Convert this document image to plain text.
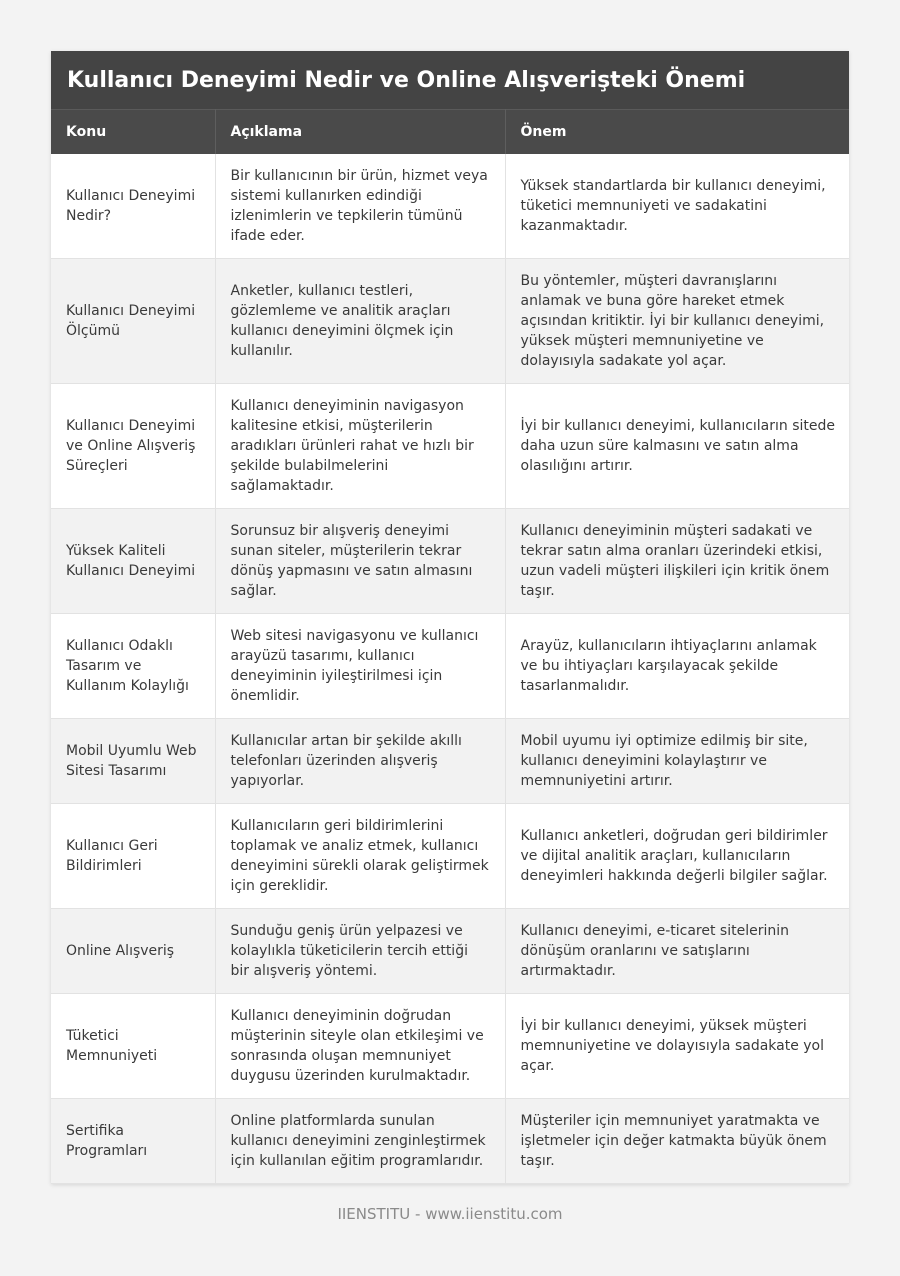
Kullanıcı Deneyimi Nedir ve Online Alışverişteki Önemi
Konu	Açıklama	Önem
Kullanıcı Deneyimi Nedir?	Bir kullanıcının bir ürün, hizmet veya sistemi kullanırken edindiği izlenimlerin ve tepkilerin tümünü ifade eder.	Yüksek standartlarda bir kullanıcı deneyimi, tüketici memnuniyeti ve sadakatini kazanmaktadır.
Kullanıcı Deneyimi Ölçümü	Anketler, kullanıcı testleri, gözlemleme ve analitik araçları kullanıcı deneyimini ölçmek için kullanılır.	Bu yöntemler, müşteri davranışlarını anlamak ve buna göre hareket etmek açısından kritiktir. İyi bir kullanıcı deneyimi, yüksek müşteri memnuniyetine ve dolayısıyla sadakate yol açar.
Kullanıcı Deneyimi ve Online Alışveriş Süreçleri	Kullanıcı deneyiminin navigasyon kalitesine etkisi, müşterilerin aradıkları ürünleri rahat ve hızlı bir şekilde bulabilmelerini sağlamaktadır.	İyi bir kullanıcı deneyimi, kullanıcıların sitede daha uzun süre kalmasını ve satın alma olasılığını artırır.
Yüksek Kaliteli Kullanıcı Deneyimi	Sorunsuz bir alışveriş deneyimi sunan siteler, müşterilerin tekrar dönüş yapmasını ve satın almasını sağlar.	Kullanıcı deneyiminin müşteri sadakati ve tekrar satın alma oranları üzerindeki etkisi, uzun vadeli müşteri ilişkileri için kritik önem taşır.
Kullanıcı Odaklı Tasarım ve Kullanım Kolaylığı	Web sitesi navigasyonu ve kullanıcı arayüzü tasarımı, kullanıcı deneyiminin iyileştirilmesi için önemlidir.	Arayüz, kullanıcıların ihtiyaçlarını anlamak ve bu ihtiyaçları karşılayacak şekilde tasarlanmalıdır.
Mobil Uyumlu Web Sitesi Tasarımı	Kullanıcılar artan bir şekilde akıllı telefonları üzerinden alışveriş yapıyorlar.	Mobil uyumu iyi optimize edilmiş bir site, kullanıcı deneyimini kolaylaştırır ve memnuniyetini artırır.
Kullanıcı Geri Bildirimleri	Kullanıcıların geri bildirimlerini toplamak ve analiz etmek, kullanıcı deneyimini sürekli olarak geliştirmek için gereklidir.	Kullanıcı anketleri, doğrudan geri bildirimler ve dijital analitik araçları, kullanıcıların deneyimleri hakkında değerli bilgiler sağlar.
Online Alışveriş	Sunduğu geniş ürün yelpazesi ve kolaylıkla tüketicilerin tercih ettiği bir alışveriş yöntemi.	Kullanıcı deneyimi, e-ticaret sitelerinin dönüşüm oranlarını ve satışlarını artırmaktadır.
Tüketici Memnuniyeti	Kullanıcı deneyiminin doğrudan müşterinin siteyle olan etkileşimi ve sonrasında oluşan memnuniyet duygusu üzerinden kurulmaktadır.	İyi bir kullanıcı deneyimi, yüksek müşteri memnuniyetine ve dolayısıyla sadakate yol açar.
Sertifika Programları	Online platformlarda sunulan kullanıcı deneyimini zenginleştirmek için kullanılan eğitim programlarıdır.	Müşteriler için memnuniyet yaratmakta ve işletmeler için değer katmakta büyük önem taşır.
IIENSTITU - www.iienstitu.com
